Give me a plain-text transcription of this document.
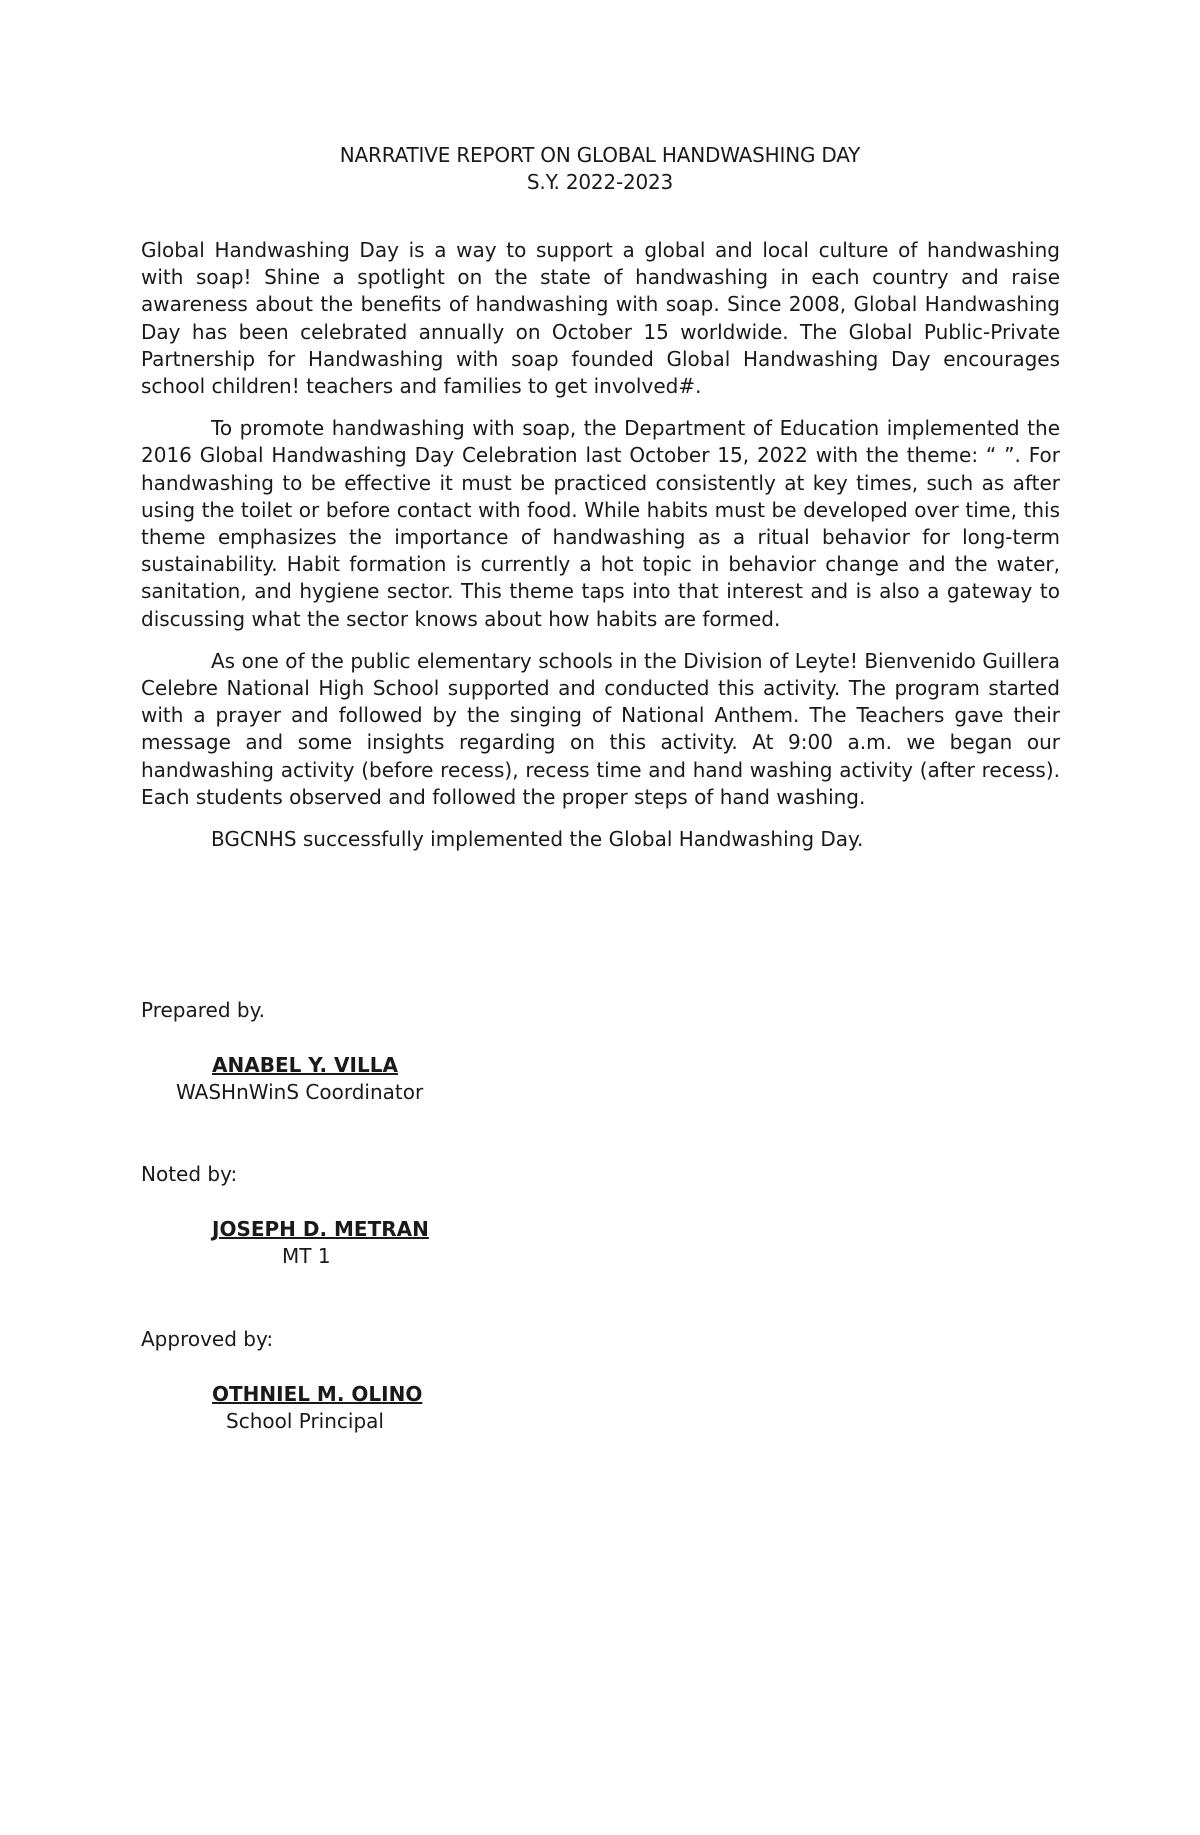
NARRATIVE REPORT ON GLOBAL HANDWASHING DAY
S.Y. 2022-2023

Global Handwashing Day is a way to support a global and local culture of handwashing with soap! Shine a spotlight on the state of handwashing in each country and raise awareness about the benefits of handwashing with soap. Since 2008, Global Handwashing Day has been celebrated annually on October 15 worldwide. The Global Public-Private Partnership for Handwashing with soap founded Global Handwashing Day encourages school children! teachers and families to get involved#.

To promote handwashing with soap, the Department of Education implemented the 2016 Global Handwashing Day Celebration last October 15, 2022 with the theme: “ ”. For handwashing to be effective it must be practiced consistently at key times, such as after using the toilet or before contact with food. While habits must be developed over time, this theme emphasizes the importance of handwashing as a ritual behavior for long-term sustainability. Habit formation is currently a hot topic in behavior change and the water, sanitation, and hygiene sector. This theme taps into that interest and is also a gateway to discussing what the sector knows about how habits are formed.

As one of the public elementary schools in the Division of Leyte! Bienvenido Guillera Celebre National High School supported and conducted this activity. The program started with a prayer and followed by the singing of National Anthem. The Teachers gave their message and some insights regarding on this activity. At 9:00 a.m. we began our handwashing activity (before recess), recess time and hand washing activity (after recess). Each students observed and followed the proper steps of hand washing.

BGCNHS successfully implemented the Global Handwashing Day.

Prepared by.
ANABEL Y. VILLA
WASHnWinS Coordinator
Noted by:
JOSEPH D. METRAN
MT 1
Approved by:
OTHNIEL M. OLINO
School Principal
